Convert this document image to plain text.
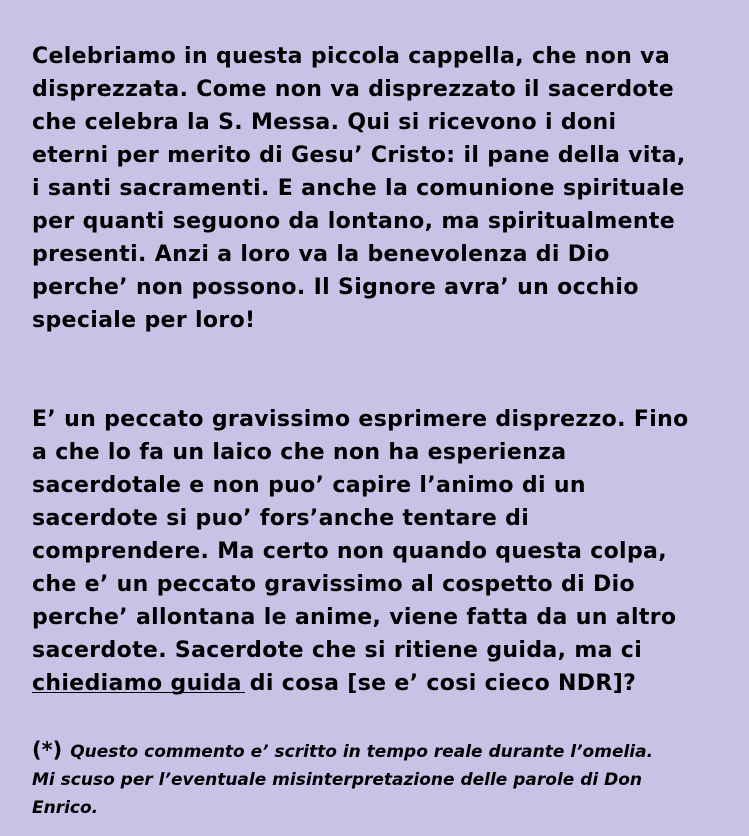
Celebriamo in questa piccola cappella, che non va
disprezzata. Come non va disprezzato il sacerdote
che celebra la S. Messa. Qui si ricevono i doni
eterni per merito di Gesu’ Cristo: il pane della vita,
i santi sacramenti. E anche la comunione spirituale
per quanti seguono da lontano, ma spiritualmente
presenti. Anzi a loro va la benevolenza di Dio
perche’ non possono. Il Signore avra’ un occhio
speciale per loro!

E’ un peccato gravissimo esprimere disprezzo. Fino
a che lo fa un laico che non ha esperienza
sacerdotale e non puo’ capire l’animo di un
sacerdote si puo’ fors’anche tentare di
comprendere. Ma certo non quando questa colpa,
che e’ un peccato gravissimo al cospetto di Dio
perche’ allontana le anime, viene fatta da un altro
sacerdote. Sacerdote che si ritiene guida, ma ci
chiediamo guida di cosa [se e’ cosi cieco NDR]?

(*) Questo commento e’ scritto in tempo reale durante l’omelia.
Mi scuso per l’eventuale misinterpretazione delle parole di Don
Enrico.
